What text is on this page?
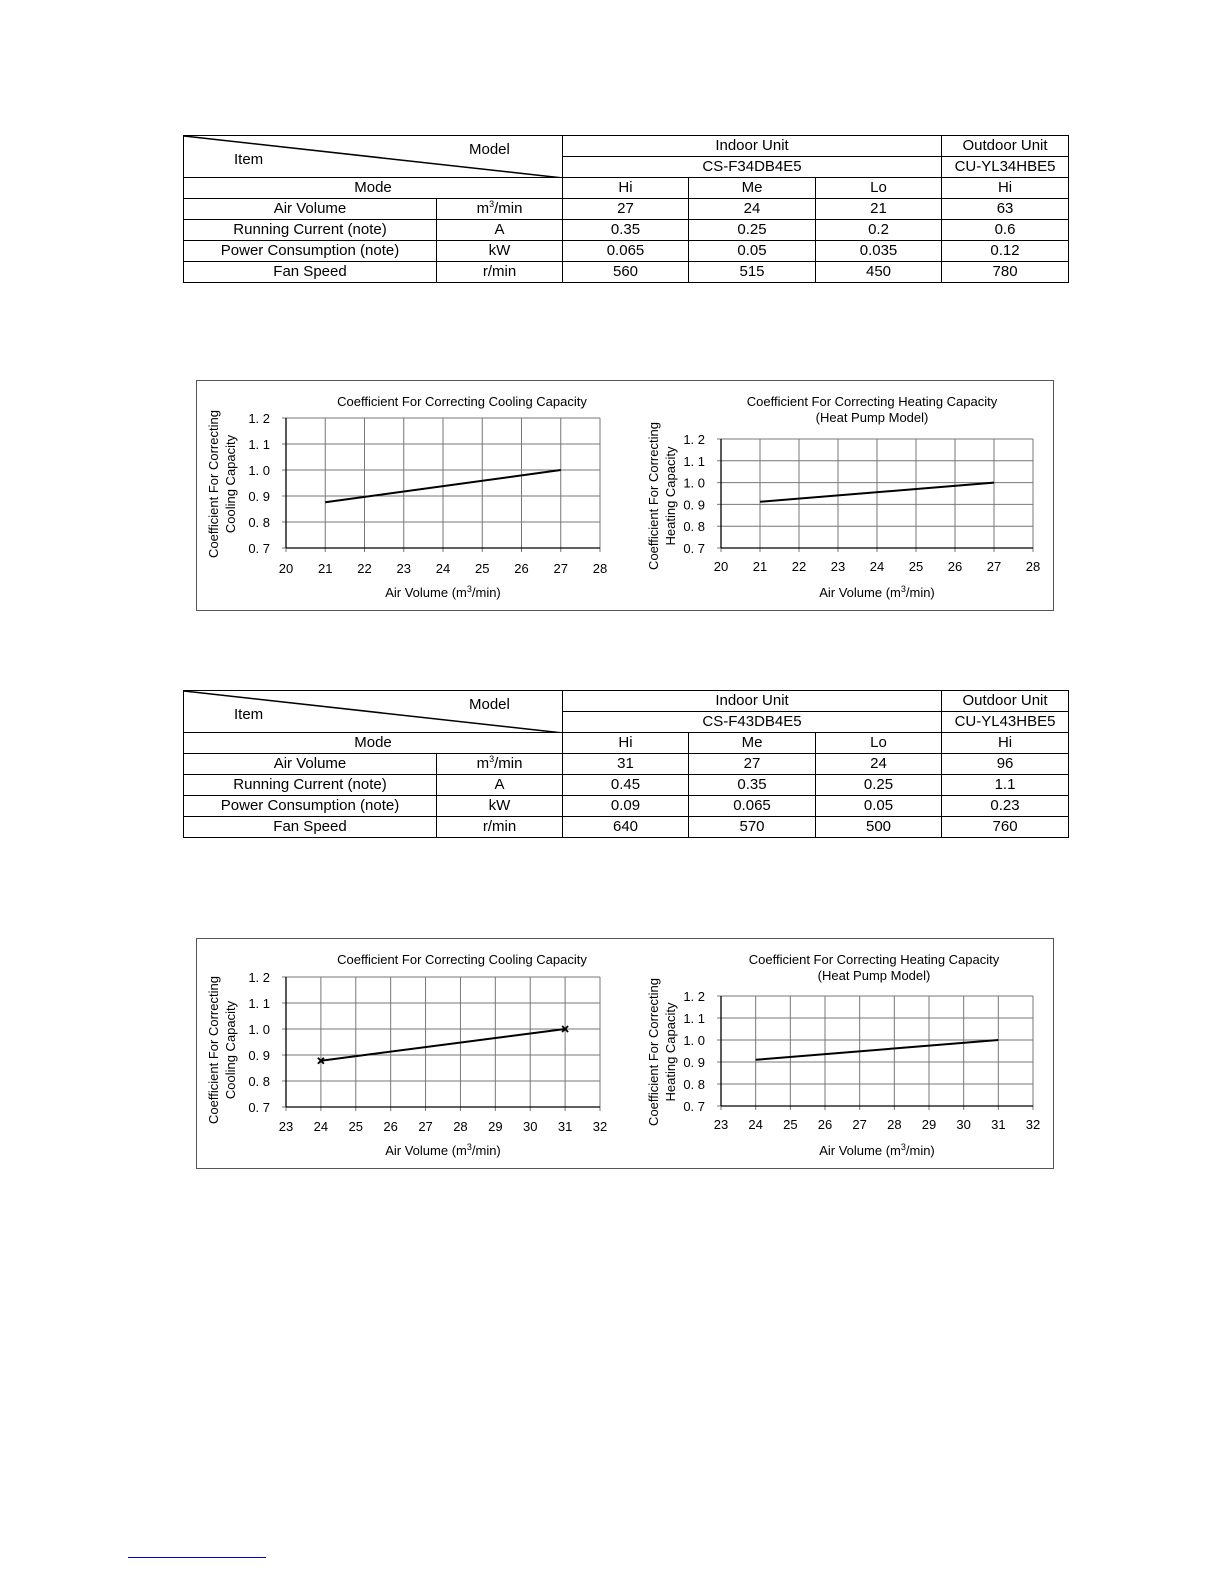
Item
Model		Indoor Unit			Outdoor Unit
		CS-F34DB4E5			CU-YL34HBE5
Mode		Hi	Me	Lo	Hi
Air Volume	$m^3/\min$	27	24	21	63
Running Current (note)	A	0.35	0.25	0.2	0.6
Power Consumption (note)	kW	0.065	0.05	0.035	0.12
Fan Speed	r/min	560	515	450	780
20 21 22 23 24 25 26 27 28
0. 7
0. 8
0. 9
1. 0
1. 1
1. 2
Coefficient For Correcting Cooling Capacity
Coefficient For Correcting Cooling Capacity
Air Volume $(m^3/\min)$
20 21 22 23 24 25 26 27 28
0. 7
0. 8
0. 9
1. 0
1. 1
1. 2
Coefficient For Correcting Heating Capacity
(Heat Pump Model)
Coefficient For Correcting Heating Capacity
Air Volume $(m^3/\min)$
Item
Model		Indoor Unit			Outdoor Unit
		CS-F43DB4E5			CU-YL43HBE5
Mode		Hi	Me	Lo	Hi
Air Volume	$m^3/\min$	31	27	24	96
Running Current (note)	A	0.45	0.35	0.25	1.1
Power Consumption (note)	kW	0.09	0.065	0.05	0.23
Fan Speed	r/min	640	570	500	760
23 24 25 26 27 28 29 30 31 32
0. 7
0. 8
0. 9
1. 0
1. 1
1. 2
Coefficient For Correcting Cooling Capacity
Coefficient For Correcting Cooling Capacity
Air Volume $(m^3/\min)$
23 24 25 26 27 28 29 30 31 32
0. 7
0. 8
0. 9
1. 0
1. 1
1. 2
Coefficient For Correcting Heating Capacity
(Heat Pump Model)
Coefficient For Correcting Heating Capacity
Air Volume $(m^3/\min)$
